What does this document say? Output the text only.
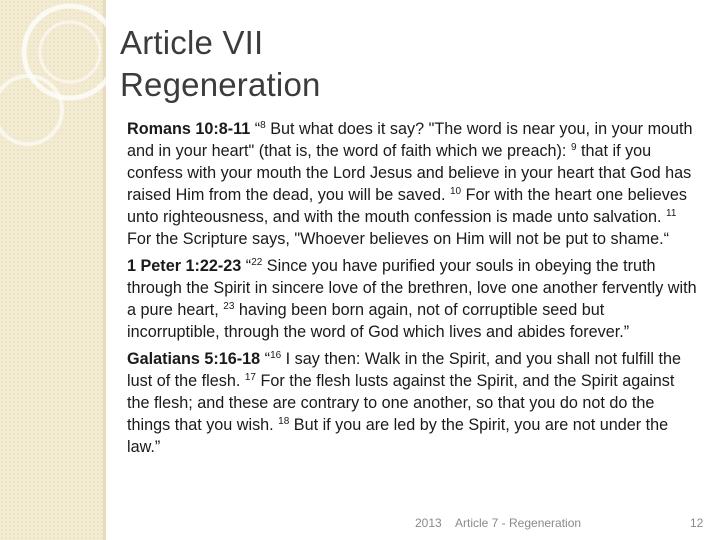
Article VII
Regeneration
Romans 10:8-11 “$^8$ But what does it say? "The word is near you, in your mouth and in your heart" (that is, the word of faith which we preach): $^9$ that if you confess with your mouth the Lord Jesus and believe in your heart that God has raised Him from the dead, you will be saved. $^{10}$ For with the heart one believes unto righteousness, and with the mouth confession is made unto salvation. $^{11}$ For the Scripture says, "Whoever believes on Him will not be put to shame.“
1 Peter 1:22-23 “$^{22}$ Since you have purified your souls in obeying the truth through the Spirit in sincere love of the brethren, love one another fervently with a pure heart, $^{23}$ having been born again, not of corruptible seed but incorruptible, through the word of God which lives and abides forever.”
Galatians 5:16-18 “$^{16}$ I say then: Walk in the Spirit, and you shall not fulfill the lust of the flesh. $^{17}$ For the flesh lusts against the Spirit, and the Spirit against the flesh; and these are contrary to one another, so that you do not do the things that you wish. $^{18}$ But if you are led by the Spirit, you are not under the law.”
2013 Article 7 - Regeneration	12
